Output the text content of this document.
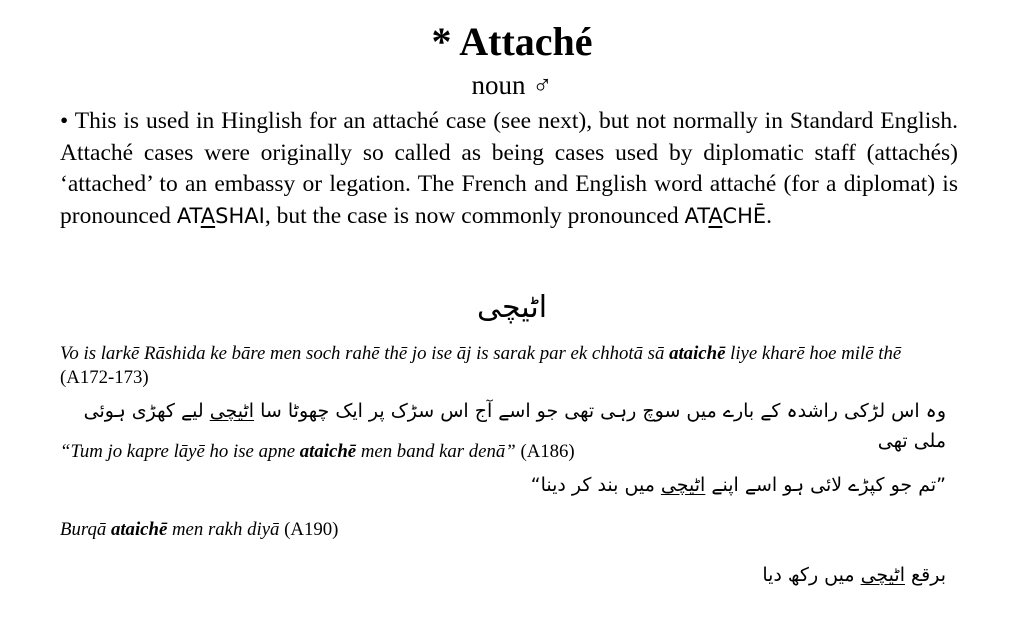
* Attaché
noun ♂

• This is used in Hinglish for an attaché case (see next), but not normally in Standard English. Attaché cases were originally so called as being cases used by diplomatic staff (attachés) ‘attached’ to an embassy or legation. The French and English word attaché (for a diplomat) is pronounced ATASHAI, but the case is now commonly pronounced ATACHĒ.

اٹیچی

Vo is larkē Rāshida ke bāre men soch rahē thē jo ise āj is sarak par ek chhotā sā ataichē liye kharē hoe milē thē (A172-173)

وہ اس لڑکی راشدہ کے بارے میں سوچ رہی تھی جو اسے آج اس سڑک پر ایک چھوٹا سا اٹیچی لیے کھڑی ہوئی ملی تھی

“Tum jo kapre lāyē ho ise apne ataichē men band kar denā” (A186)

”تم جو کپڑے لائی ہو اسے اپنے اٹیچی میں بند کر دینا“

Burqā ataichē men rakh diyā (A190)

برقع اٹیچی میں رکھ دیا
